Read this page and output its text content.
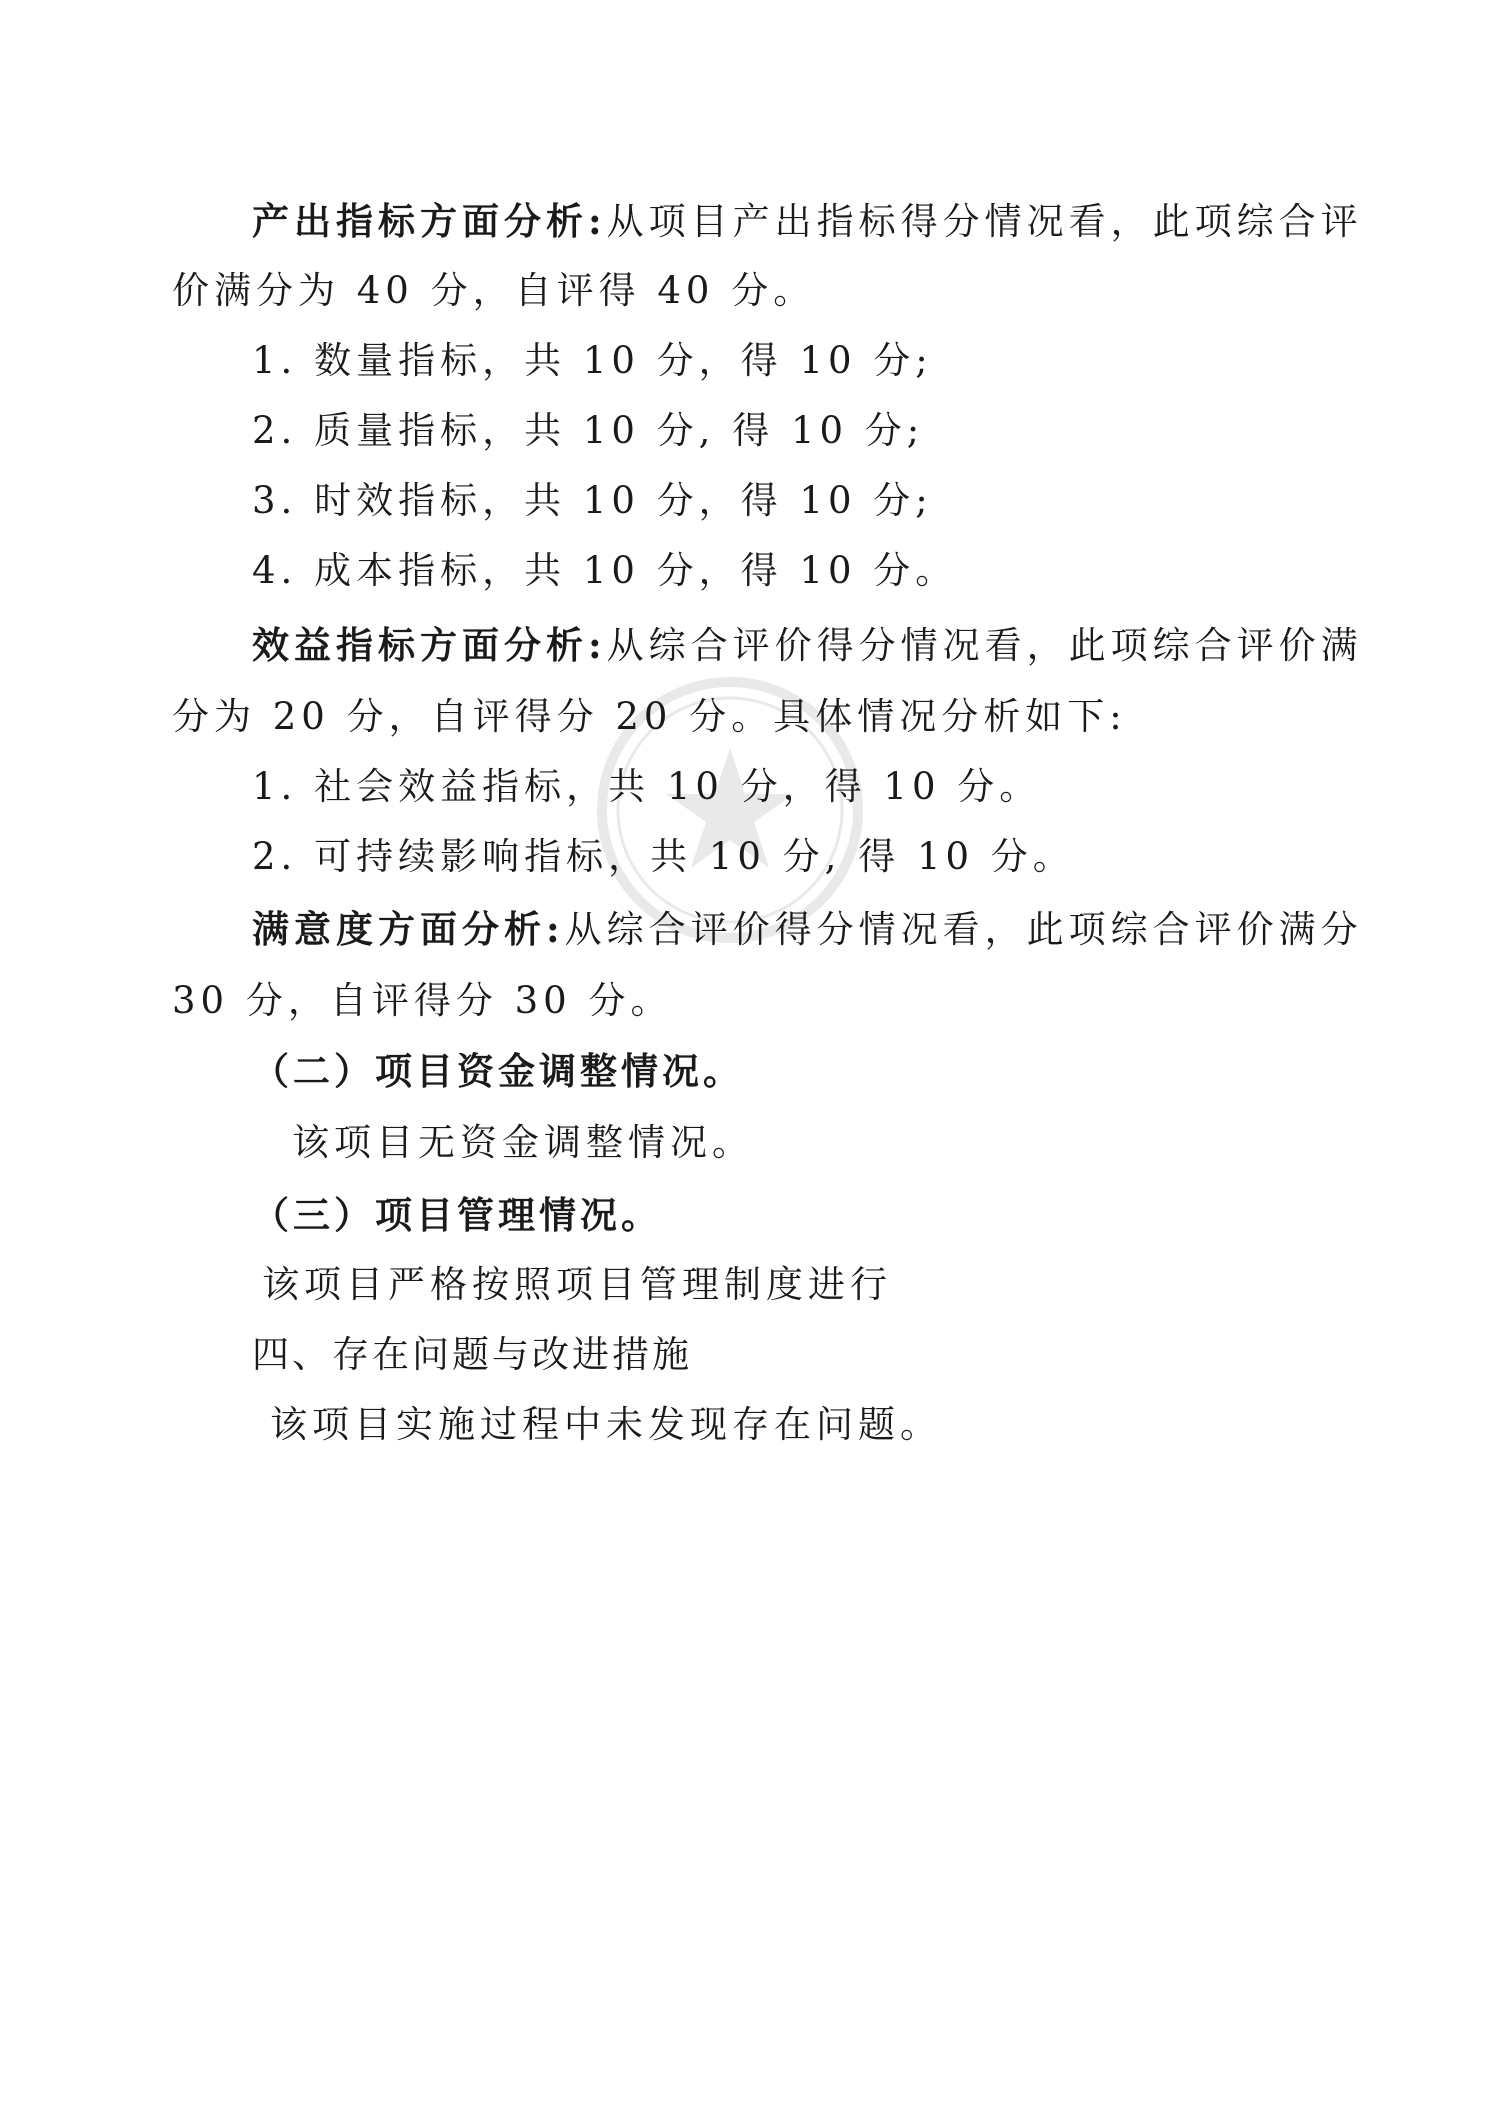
产出指标方面分析:从项目产出指标得分情况看，此项综合评
价满分为 40 分，自评得 40 分。
1. 数量指标，共 10 分，得 10 分;
2. 质量指标，共 10 分, 得 10 分;
3. 时效指标，共 10 分，得 10 分;
4. 成本指标，共 10 分，得 10 分。
效益指标方面分析:从综合评价得分情况看，此项综合评价满
分为 20 分，自评得分 20 分。具体情况分析如下:
1. 社会效益指标，共 10 分，得 10 分。
2. 可持续影响指标，共 10 分, 得 10 分。
满意度方面分析:从综合评价得分情况看，此项综合评价满分
30 分，自评得分 30 分。
（二）项目资金调整情况。
该项目无资金调整情况。
（三）项目管理情况。
该项目严格按照项目管理制度进行
四、存在问题与改进措施
该项目实施过程中未发现存在问题。
